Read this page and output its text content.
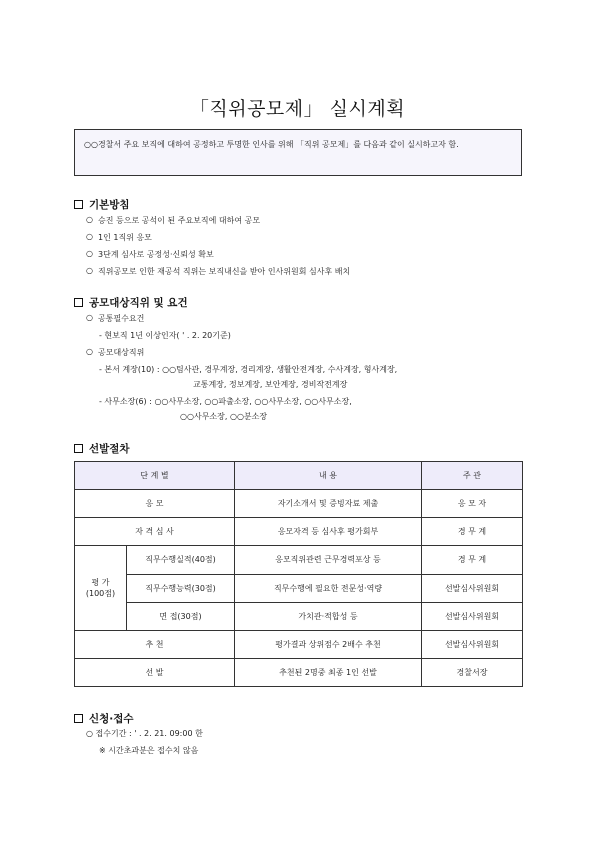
「직위공모제」 실시계획
○○경찰서 주요 보직에 대하여 공정하고 투명한 인사를 위해 「직위 공모제」를 다음과 같이 실시하고자 함.
기본방침
○ 승진 등으로 공석이 된 주요보직에 대하여 공모
○ 1인 1직위 응모
○ 3단계 심사로 공정성·신뢰성 확보
○ 직위공모로 인한 재공석 직위는 보직내신을 받아 인사위원회 심사후 배치
공모대상직위 및 요건
○ 공통필수요건
- 현보직 1년 이상인자( ' . 2. 20기준)
○ 공모대상직위
- 본서 계장(10) : ○○팀사관, 경무계장, 경리계장, 생활안전계장, 수사계장, 형사계장,
교통계장, 정보계장, 보안계장, 경비작전계장
- 사무소장(6) : ○○사무소장, ○○파출소장, ○○사무소장, ○○사무소장,
○○사무소장, ○○분소장
선발절차
단 계 별		내 용	주 관
응 모		자기소개서 및 증빙자료 제출	응 모 자
자 격 심 사		응모자격 등 심사후 평가회부	경 무 계

평 가
(100점)	직무수행실적(40점)	응모직위관련 근무경력포상 등	경 무 계
	직무수행능력(30점)	직무수행에 필요한 전문성·역량	선발심사위원회
	면 접(30점)	가치관·적합성 등	선발심사위원회
추 천		평가결과 상위점수 2배수 추천	선발심사위원회
선 발		추천된 2명중 최종 1인 선발	경찰서장
신청·접수
○ 접수기간 : ' . 2. 21. 09:00 한
※ 시간초과분은 접수치 않음
